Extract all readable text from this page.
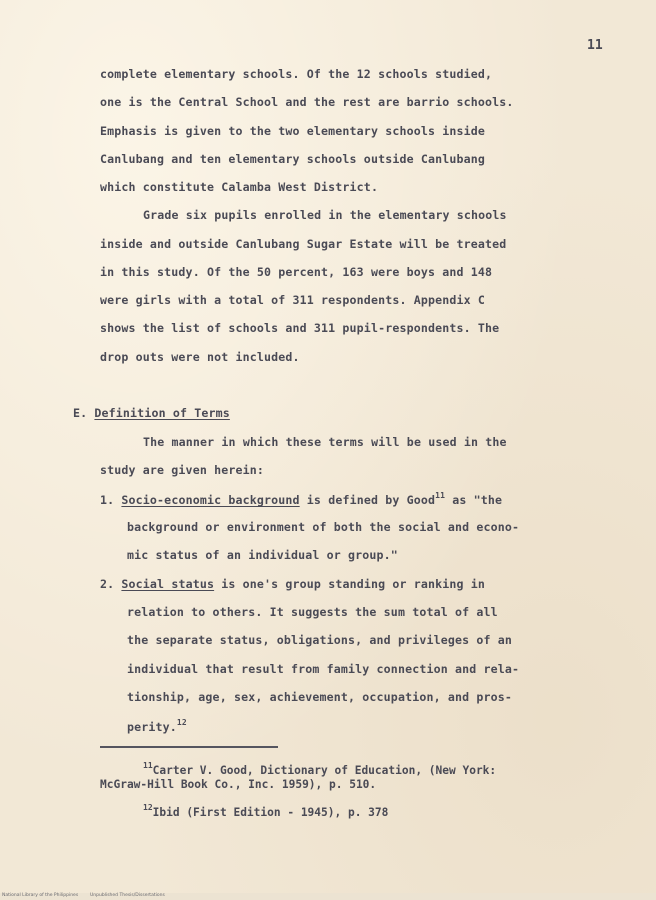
11
complete elementary schools. Of the 12 schools studied,
one is the Central School and the rest are barrio schools.
Emphasis is given to the two elementary schools inside
Canlubang and ten elementary schools outside Canlubang
which constitute Calamba West District.
Grade six pupils enrolled in the elementary schools
inside and outside Canlubang Sugar Estate will be treated
in this study. Of the 50 percent, 163 were boys and 148
were girls with a total of 311 respondents. Appendix C
shows the list of schools and 311 pupil-respondents. The
drop outs were not included.
E. Definition of Terms
The manner in which these terms will be used in the
study are given herein:
1. Socio-economic background is defined by Good$^{11}$ as "the
background or environment of both the social and econo-
mic status of an individual or group."
2. Social status is one's group standing or ranking in
relation to others. It suggests the sum total of all
the separate status, obligations, and privileges of an
individual that result from family connection and rela-
tionship, age, sex, achievement, occupation, and pros-
perity.$^{12}$
$^{11}$Carter V. Good, Dictionary of Education, (New York:
McGraw-Hill Book Co., Inc. 1959), p. 510.
$^{12}$Ibid (First Edition - 1945), p. 378
National Library of the Philippines	Unpublished Thesis/Dissertations
